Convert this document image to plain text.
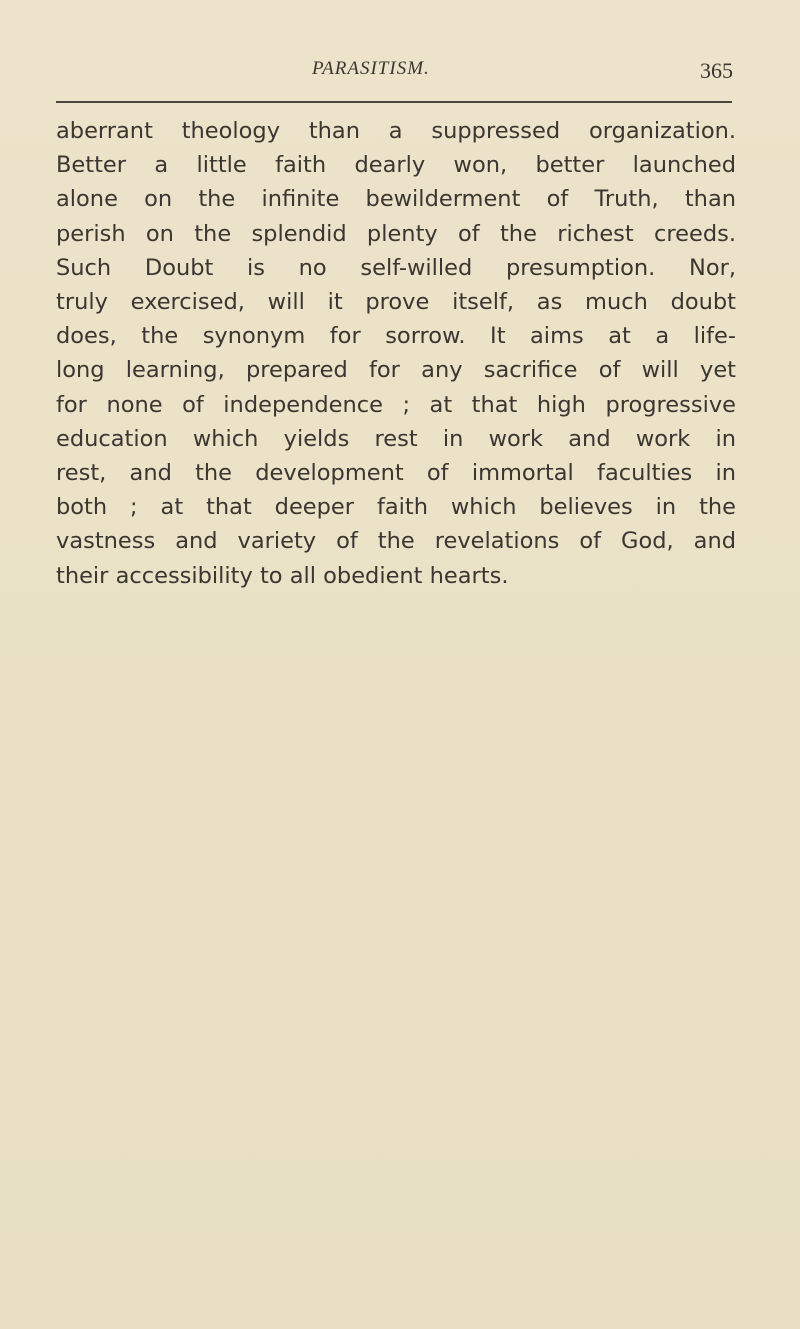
PARASITISM.	365
aberrant theology than a suppressed organization.
Better a little faith dearly won, better launched
alone on the infinite bewilderment of Truth, than
perish on the splendid plenty of the richest creeds.
Such Doubt is no self-willed presumption. Nor,
truly exercised, will it prove itself, as much doubt
does, the synonym for sorrow. It aims at a life-
long learning, prepared for any sacrifice of will yet
for none of independence ; at that high progressive
education which yields rest in work and work in
rest, and the development of immortal faculties in
both ; at that deeper faith which believes in the
vastness and variety of the revelations of God, and
their accessibility to all obedient hearts.
